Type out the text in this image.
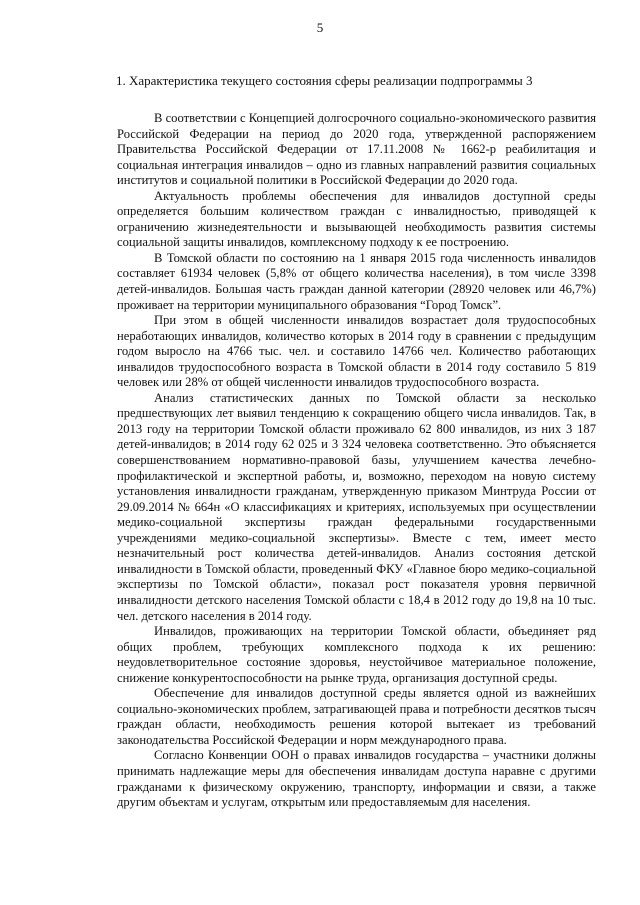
5
1. Характеристика текущего состояния сферы реализации подпрограммы 3

В соответствии с Концепцией долгосрочного социально-экономического развития Российской Федерации на период до 2020 года, утвержденной распоряжением Правительства Российской Федерации от 17.11.2008 № 1662-р реабилитация и социальная интеграция инвалидов – одно из главных направлений развития социальных институтов и социальной политики в Российской Федерации до 2020 года.

Актуальность проблемы обеспечения для инвалидов доступной среды определяется большим количеством граждан с инвалидностью, приводящей к ограничению жизнедеятельности и вызывающей необходимость развития системы социальной защиты инвалидов, комплексному подходу к ее построению.

В Томской области по состоянию на 1 января 2015 года численность инвалидов составляет 61934 человек (5,8% от общего количества населения), в том числе 3398 детей-инвалидов. Большая часть граждан данной категории (28920 человек или 46,7%) проживает на территории муниципального образования “Город Томск”.

При этом в общей численности инвалидов возрастает доля трудоспособных неработающих инвалидов, количество которых в 2014 году в сравнении с предыдущим годом выросло на 4766 тыс. чел. и составило 14766 чел. Количество работающих инвалидов трудоспособного возраста в Томской области в 2014 году составило 5 819 человек или 28% от общей численности инвалидов трудоспособного возраста.

Анализ статистических данных по Томской области за несколько предшествующих лет выявил тенденцию к сокращению общего числа инвалидов. Так, в 2013 году на территории Томской области проживало 62 800 инвалидов, из них 3 187 детей-инвалидов; в 2014 году 62 025 и 3 324 человека соответственно. Это объясняется совершенствованием нормативно-правовой базы, улучшением качества лечебно-профилактической и экспертной работы, и, возможно, переходом на новую систему установления инвалидности гражданам, утвержденную приказом Минтруда России от 29.09.2014 № 664н «О классификациях и критериях, используемых при осуществлении медико-социальной экспертизы граждан федеральными государственными учреждениями медико-социальной экспертизы». Вместе с тем, имеет место незначительный рост количества детей-инвалидов. Анализ состояния детской инвалидности в Томской области, проведенный ФКУ «Главное бюро медико-социальной экспертизы по Томской области», показал рост показателя уровня первичной инвалидности детского населения Томской области с 18,4 в 2012 году до 19,8 на 10 тыс. чел. детского населения в 2014 году.

Инвалидов, проживающих на территории Томской области, объединяет ряд общих проблем, требующих комплексного подхода к их решению: неудовлетворительное состояние здоровья, неустойчивое материальное положение, снижение конкурентоспособности на рынке труда, организация доступной среды.

Обеспечение для инвалидов доступной среды является одной из важнейших социально-экономических проблем, затрагивающей права и потребности десятков тысяч граждан области, необходимость решения которой вытекает из требований законодательства Российской Федерации и норм международного права.

Согласно Конвенции ООН о правах инвалидов государства – участники должны принимать надлежащие меры для обеспечения инвалидам доступа наравне с другими гражданами к физическому окружению, транспорту, информации и связи, а также другим объектам и услугам, открытым или предоставляемым для населения.
